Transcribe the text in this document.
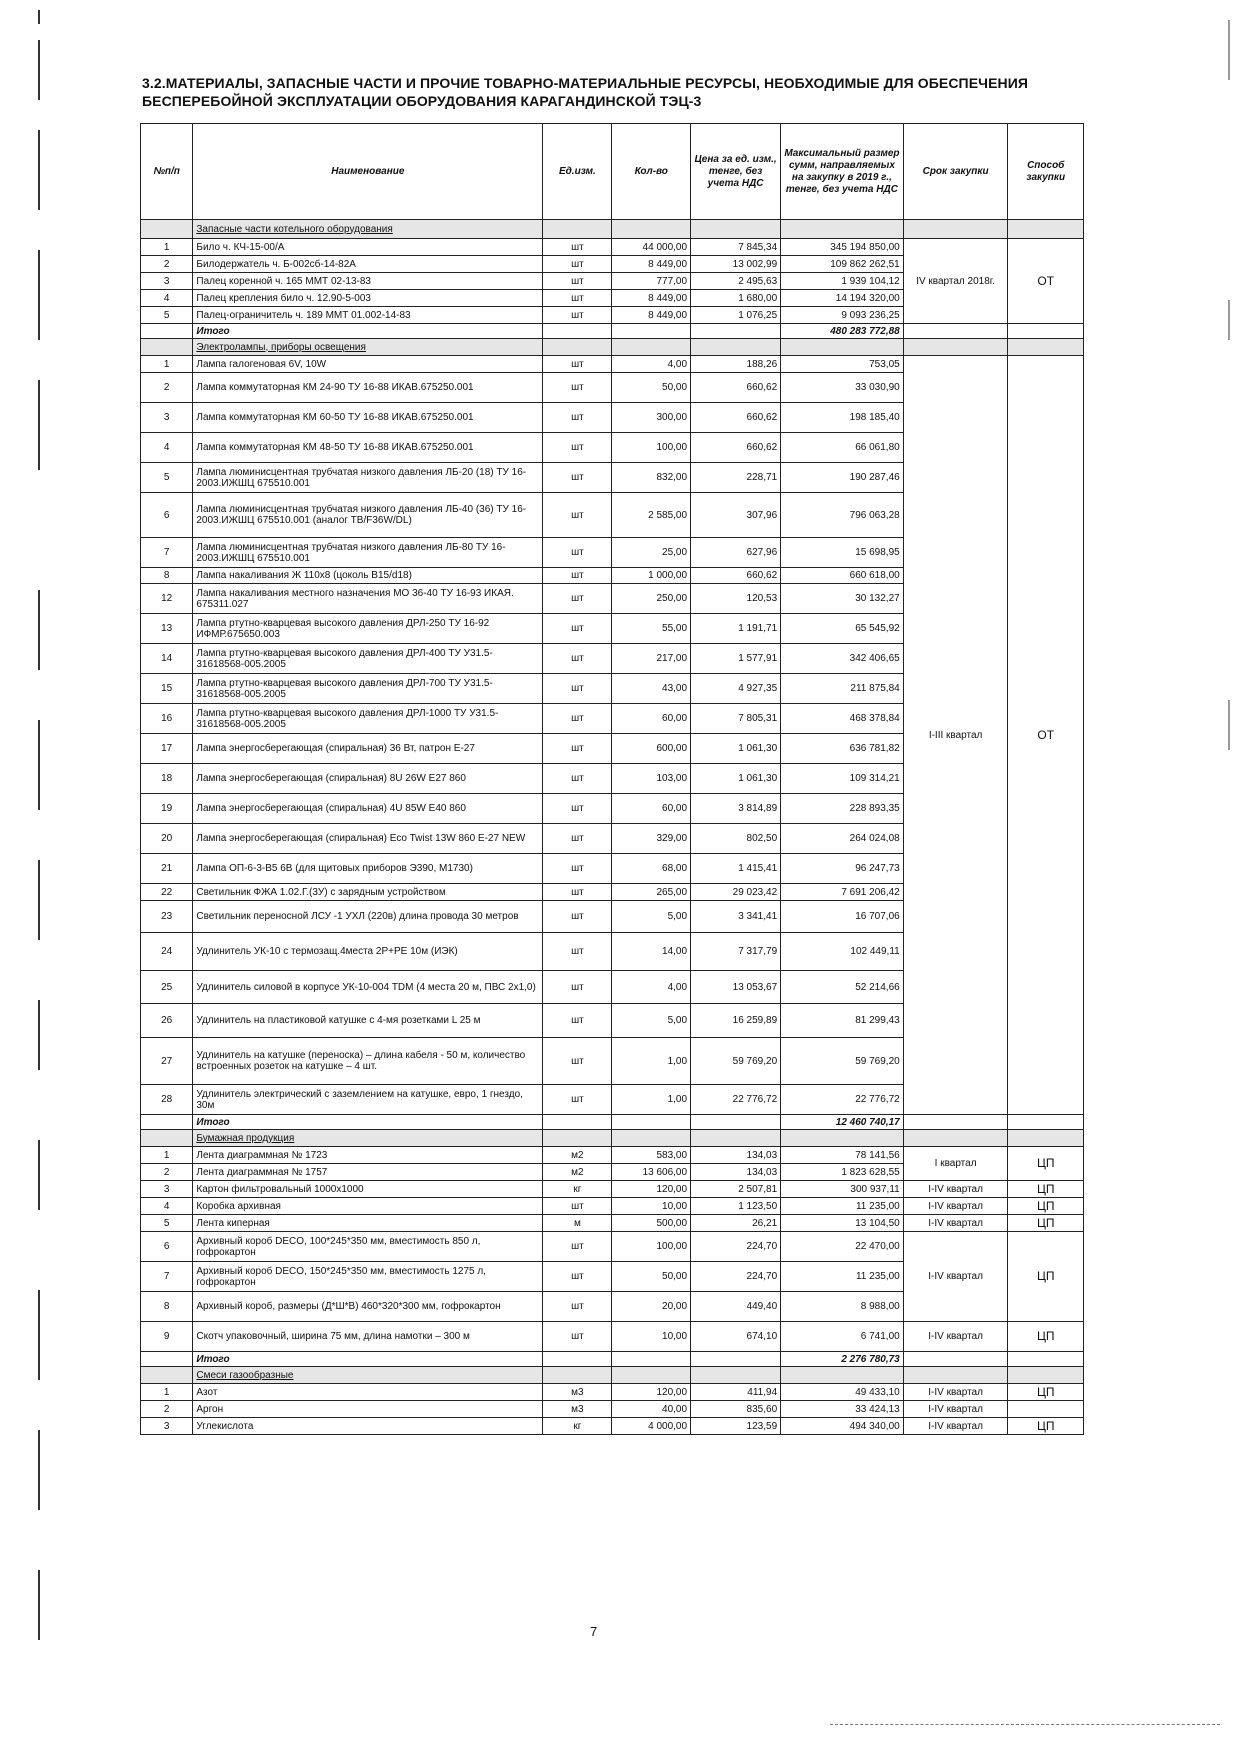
3.2.МАТЕРИАЛЫ, ЗАПАСНЫЕ ЧАСТИ И ПРОЧИЕ ТОВАРНО-МАТЕРИАЛЬНЫЕ РЕСУРСЫ, НЕОБХОДИМЫЕ ДЛЯ ОБЕСПЕЧЕНИЯ БЕСПЕРЕБОЙНОЙ ЭКСПЛУАТАЦИИ ОБОРУДОВАНИЯ КАРАГАНДИНСКОЙ ТЭЦ-3
№п/п	Наименование	Ед.изм.	Кол-во	Цена за ед. изм., тенге, без учета НДС	Максимальный размер сумм, направляемых на закупку в 2019 г., тенге, без учета НДС	Срок закупки	Способ закупки
	Запасные части котельного оборудования						
1	Било ч. КЧ-15-00/А	шт	44 000,00	7 845,34	345 194 850,00	IV квартал 2018г.	ОТ
2	Билодержатель ч. Б-002сб-14-82А	шт	8 449,00	13 002,99	109 862 262,51		
3	Палец коренной ч. 165 ММТ 02-13-83	шт	777,00	2 495,63	1 939 104,12		
4	Палец крепления било ч. 12.90-5-003	шт	8 449,00	1 680,00	14 194 320,00		
5	Палец-ограничитель ч. 189 ММТ 01.002-14-83	шт	8 449,00	1 076,25	9 093 236,25		
	Итого				480 283 772,88		
	Электролампы, приборы освещения						
1	Лампа галогеновая 6V, 10W	шт	4,00	188,26	753,05	I-III квартал	ОТ
2	Лампа коммутаторная КМ 24-90 ТУ 16-88 ИКАВ.675250.001	шт	50,00	660,62	33 030,90		
3	Лампа коммутаторная КМ 60-50 ТУ 16-88 ИКАВ.675250.001	шт	300,00	660,62	198 185,40		
4	Лампа коммутаторная КМ 48-50 ТУ 16-88 ИКАВ.675250.001	шт	100,00	660,62	66 061,80		
5	Лампа люминисцентная трубчатая низкого давления ЛБ-20 (18) ТУ 16-2003.ИЖШЦ 675510.001	шт	832,00	228,71	190 287,46		
6	Лампа люминисцентная трубчатая низкого давления ЛБ-40 (36) ТУ 16-2003.ИЖШЦ 675510.001 (аналог TB/F36W/DL)	шт	2 585,00	307,96	796 063,28		
7	Лампа люминисцентная трубчатая низкого давления ЛБ-80 ТУ 16-2003.ИЖШЦ 675510.001	шт	25,00	627,96	15 698,95		
8	Лампа накаливания Ж 110х8 (цоколь В15/d18)	шт	1 000,00	660,62	660 618,00		
12	Лампа накаливания местного назначения МО 36-40 ТУ 16-93 ИКАЯ. 675311.027	шт	250,00	120,53	30 132,27		
13	Лампа ртутно-кварцевая высокого давления ДРЛ-250 ТУ 16-92 ИФМР.675650.003	шт	55,00	1 191,71	65 545,92		
14	Лампа ртутно-кварцевая высокого давления ДРЛ-400 ТУ У31.5-31618568-005.2005	шт	217,00	1 577,91	342 406,65		
15	Лампа ртутно-кварцевая высокого давления ДРЛ-700 ТУ У31.5-31618568-005.2005	шт	43,00	4 927,35	211 875,84		
16	Лампа ртутно-кварцевая высокого давления ДРЛ-1000 ТУ У31.5-31618568-005.2005	шт	60,00	7 805,31	468 378,84		
17	Лампа энергосберегающая (спиральная) 36 Вт, патрон Е-27	шт	600,00	1 061,30	636 781,82		
18	Лампа энергосберегающая (спиральная) 8U 26W E27 860	шт	103,00	1 061,30	109 314,21		
19	Лампа энергосберегающая (спиральная) 4U 85W E40 860	шт	60,00	3 814,89	228 893,35		
20	Лампа энергосберегающая (спиральная) Eco Twist 13W 860 E-27 NEW	шт	329,00	802,50	264 024,08		
21	Лампа ОП-6-3-В5 6В (для щитовых приборов Э390, М1730)	шт	68,00	1 415,41	96 247,73		
22	Светильник ФЖА 1.02.Г.(3У) с зарядным устройством	шт	265,00	29 023,42	7 691 206,42		
23	Светильник переносной ЛСУ -1 УХЛ (220в) длина провода 30 метров	шт	5,00	3 341,41	16 707,06		
24	Удлинитель УК-10 с термозащ.4места 2Р+РЕ 10м (ИЭК)	шт	14,00	7 317,79	102 449,11		
25	Удлинитель силовой в корпусе УК-10-004 TDM (4 места 20 м, ПВС 2х1,0)	шт	4,00	13 053,67	52 214,66		
26	Удлинитель на пластиковой катушке с 4-мя розетками L 25 м	шт	5,00	16 259,89	81 299,43		
27	Удлинитель на катушке (переноска) – длина кабеля - 50 м, количество встроенных розеток на катушке – 4 шт.	шт	1,00	59 769,20	59 769,20		
28	Удлинитель электрический с заземлением на катушке, евро, 1 гнездо, 30м	шт	1,00	22 776,72	22 776,72		
	Итого				12 460 740,17		
	Бумажная продукция						
1	Лента диаграммная № 1723	м2	583,00	134,03	78 141,56	I квартал	ЦП
2	Лента диаграммная № 1757	м2	13 606,00	134,03	1 823 628,55		
3	Картон фильтровальный 1000х1000	кг	120,00	2 507,81	300 937,11	I-IV квартал	ЦП
4	Коробка архивная	шт	10,00	1 123,50	11 235,00	I-IV квартал	ЦП
5	Лента киперная	м	500,00	26,21	13 104,50	I-IV квартал	ЦП
6	Архивный короб DECO, 100*245*350 мм, вместимость 850 л, гофрокартон	шт	100,00	224,70	22 470,00	I-IV квартал	ЦП
7	Архивный короб DECO, 150*245*350 мм, вместимость 1275 л, гофрокартон	шт	50,00	224,70	11 235,00		
8	Архивный короб, размеры (Д*Ш*В) 460*320*300 мм, гофрокартон	шт	20,00	449,40	8 988,00		
9	Скотч упаковочный, ширина 75 мм, длина намотки – 300 м	шт	10,00	674,10	6 741,00	I-IV квартал	ЦП
	Итого				2 276 780,73		
	Смеси газообразные						
1	Азот	м3	120,00	411,94	49 433,10	I-IV квартал	ЦП
2	Аргон	м3	40,00	835,60	33 424,13	I-IV квартал	
3	Углекислота	кг	4 000,00	123,59	494 340,00	I-IV квартал	ЦП
7
